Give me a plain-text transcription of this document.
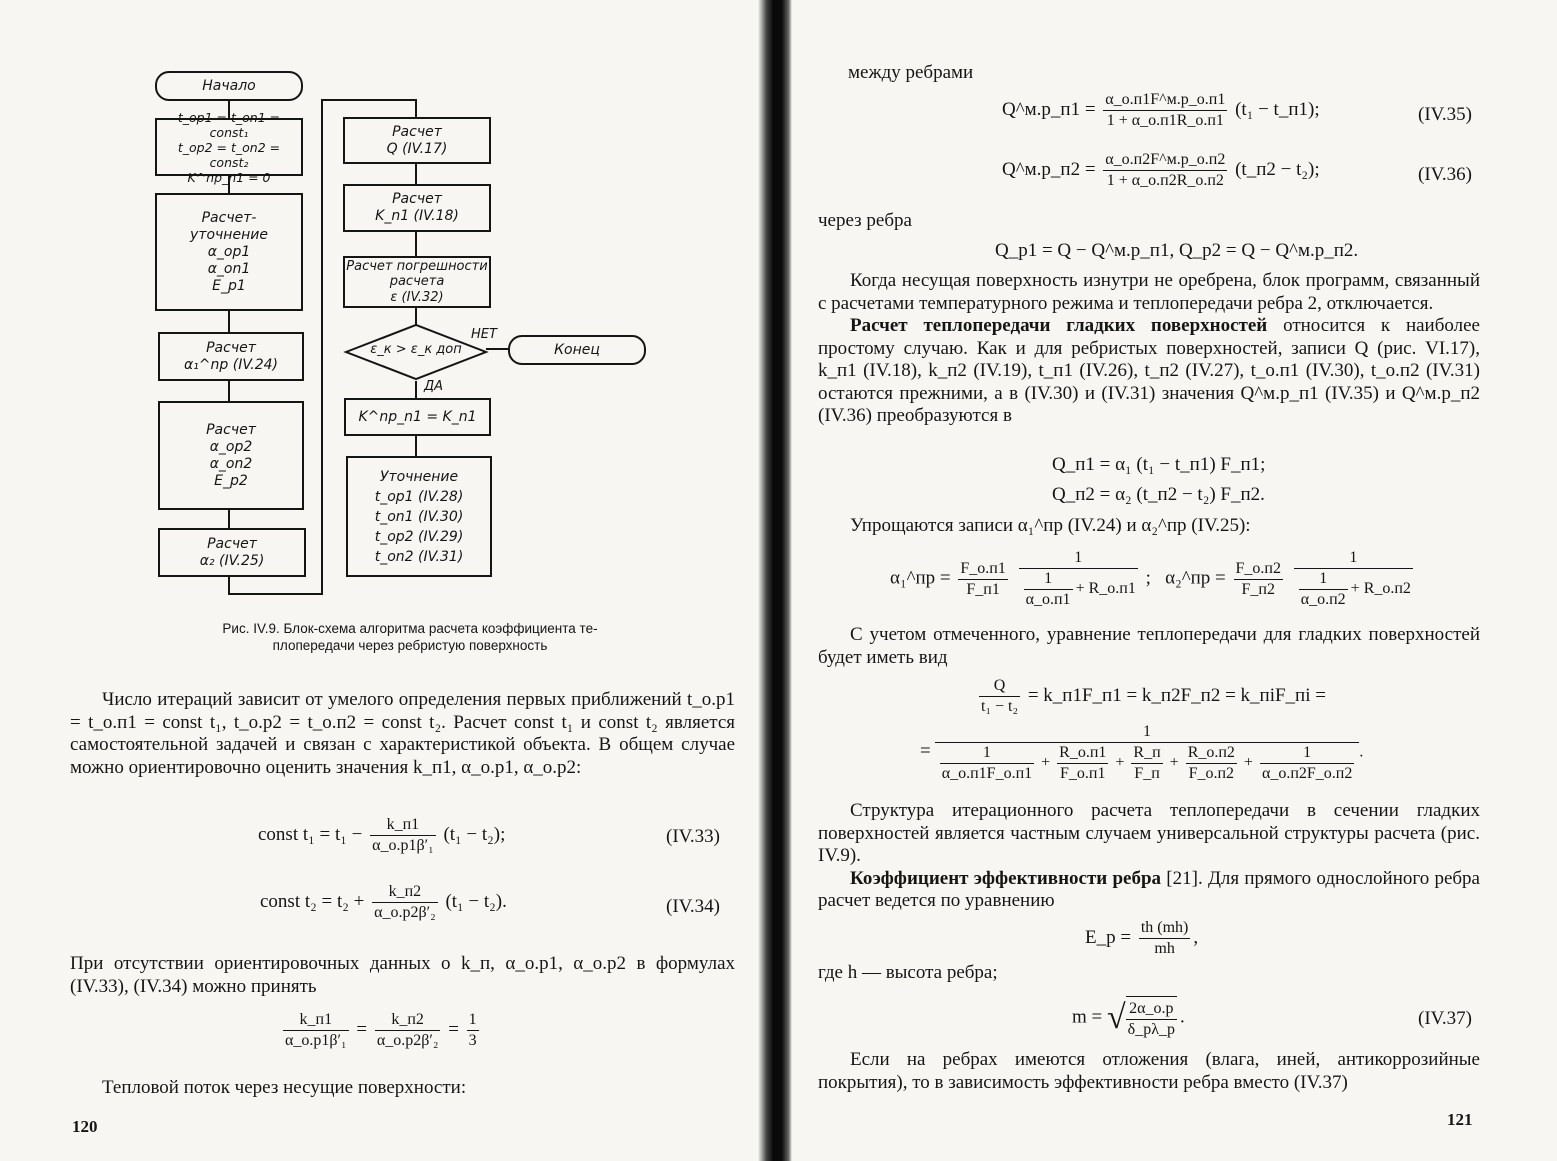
Начало
t_op1 = t_on1 = const₁
t_op2 = t_on2 = const₂
K^np_n1 = 0
Расчет-
уточнение
α_op1
α_on1
E_p1
Расчет
α₁^np (IV.24)
Расчет
α_op2
α_on2
E_p2
Расчет
α₂ (IV.25)
Расчет
Q (IV.17)
Расчет
K_n1 (IV.18)
Расчет погрешности
расчета
ε (IV.32)
ε_к > ε_к доп
НЕТ
ДА
Конец
K^np_n1 = K_n1
Уточнение
t_op1 (IV.28)
t_on1 (IV.30)
t_op2 (IV.29)
t_on2 (IV.31)
Рис. IV.9. Блок-схема алгоритма расчета коэффициента те-
плопередачи через ребристую поверхность

Число итераций зависит от умелого определения первых приближений t_о.р1 = t_о.п1 = const t₁, t_о.р2 = t_о.п2 = const t₂. Расчет const t₁ и const t₂ является самостоятельной задачей и связан с характеристикой объекта. В общем случае можно ориентировочно оценить значения k_п1, α_о.р1, α_о.р2:

const t₁ = t₁ −	k_п1
α_о.р1β′₁
(t₁ − t₂);	(IV.33)
const t₂ = t₂ +	k_п2
α_о.р2β′₂
(t₁ − t₂).	(IV.34)

При отсутствии ориентировочных данных о k_п, α_о.р1, α_о.р2 в формулах (IV.33), (IV.34) можно принять

k_п1
α_о.р1β′₁
=	k_п2
α_о.р2β′₂
= $\frac{1}{3}$

Тепловой поток через несущие поверхности:

120
между ребрами
Q^м.р_п1 = α_о.п1F^м.р_о.п1
1 + α_о.п1R_о.п1
(t₁ − t_п1);	(IV.35)
Q^м.р_п2 = α_о.п2F^м.р_о.п2
1 + α_о.п2R_о.п2
(t_п2 − t₂);	(IV.36)
через ребра
Q_р1 = Q − Q^м.р_п1, Q_р2 = Q − Q^м.р_п2.

Когда несущая поверхность изнутри не оребрена, блок программ, связанный с расчетами температурного режима и теплопередачи ребра 2, отключается.

Расчет теплопередачи гладких поверхностей относится к наиболее простому случаю. Как и для ребристых поверхностей, записи Q (рис. VI.17), k_п1 (IV.18), k_п2 (IV.19), t_п1 (IV.26), t_п2 (IV.27), t_о.п1 (IV.30), t_о.п2 (IV.31) остаются прежними, а в (IV.30) и (IV.31) значения Q^м.р_п1 (IV.35) и Q^м.р_п2 (IV.36) преобразуются в

Q_п1 = α₁ (t₁ − t_п1) F_п1;
Q_п2 = α₂ (t_п2 − t₂) F_п2.

Упрощаются записи α₁^пр (IV.24) и α₂^пр (IV.25):

α₁^пр = F_о.п1
F_п1

1
1
α_о.п1
+ R_о.п1
; α₂^пр = F_о.п2
F_п2

1
1
α_о.п2
+ R_о.п2

С учетом отмеченного, уравнение теплопередачи для гладких поверхностей будет иметь вид

$\frac{Q}{\text{t₁ − t₂}}$ = k_п1F_п1 = k_п2F_п2 = k_пiF_пi =
=
1
1
α_о.п1F_о.п1
+
R_о.п1
F_о.п1
+
R_п
F_п
+
R_о.п2
F_о.п2
+
1
α_о.п2F_о.п2
.

Структура итерационного расчета теплопередачи в сечении гладких поверхностей является частным случаем универсальной структуры расчета (рис. IV.9).

Коэффициент эффективности ребра [21]. Для прямого однослойного ребра расчет ведется по уравнению

E_р = $\frac{th (mh)}{mh}$ ,
где h — высота ребра;
m = √ 2α_о.р
δ_рλ_р
.	(IV.37)

Если на ребрах имеются отложения (влага, иней, антикоррозийные покрытия), то в зависимость эффективности ребра вместо (IV.37)

121
